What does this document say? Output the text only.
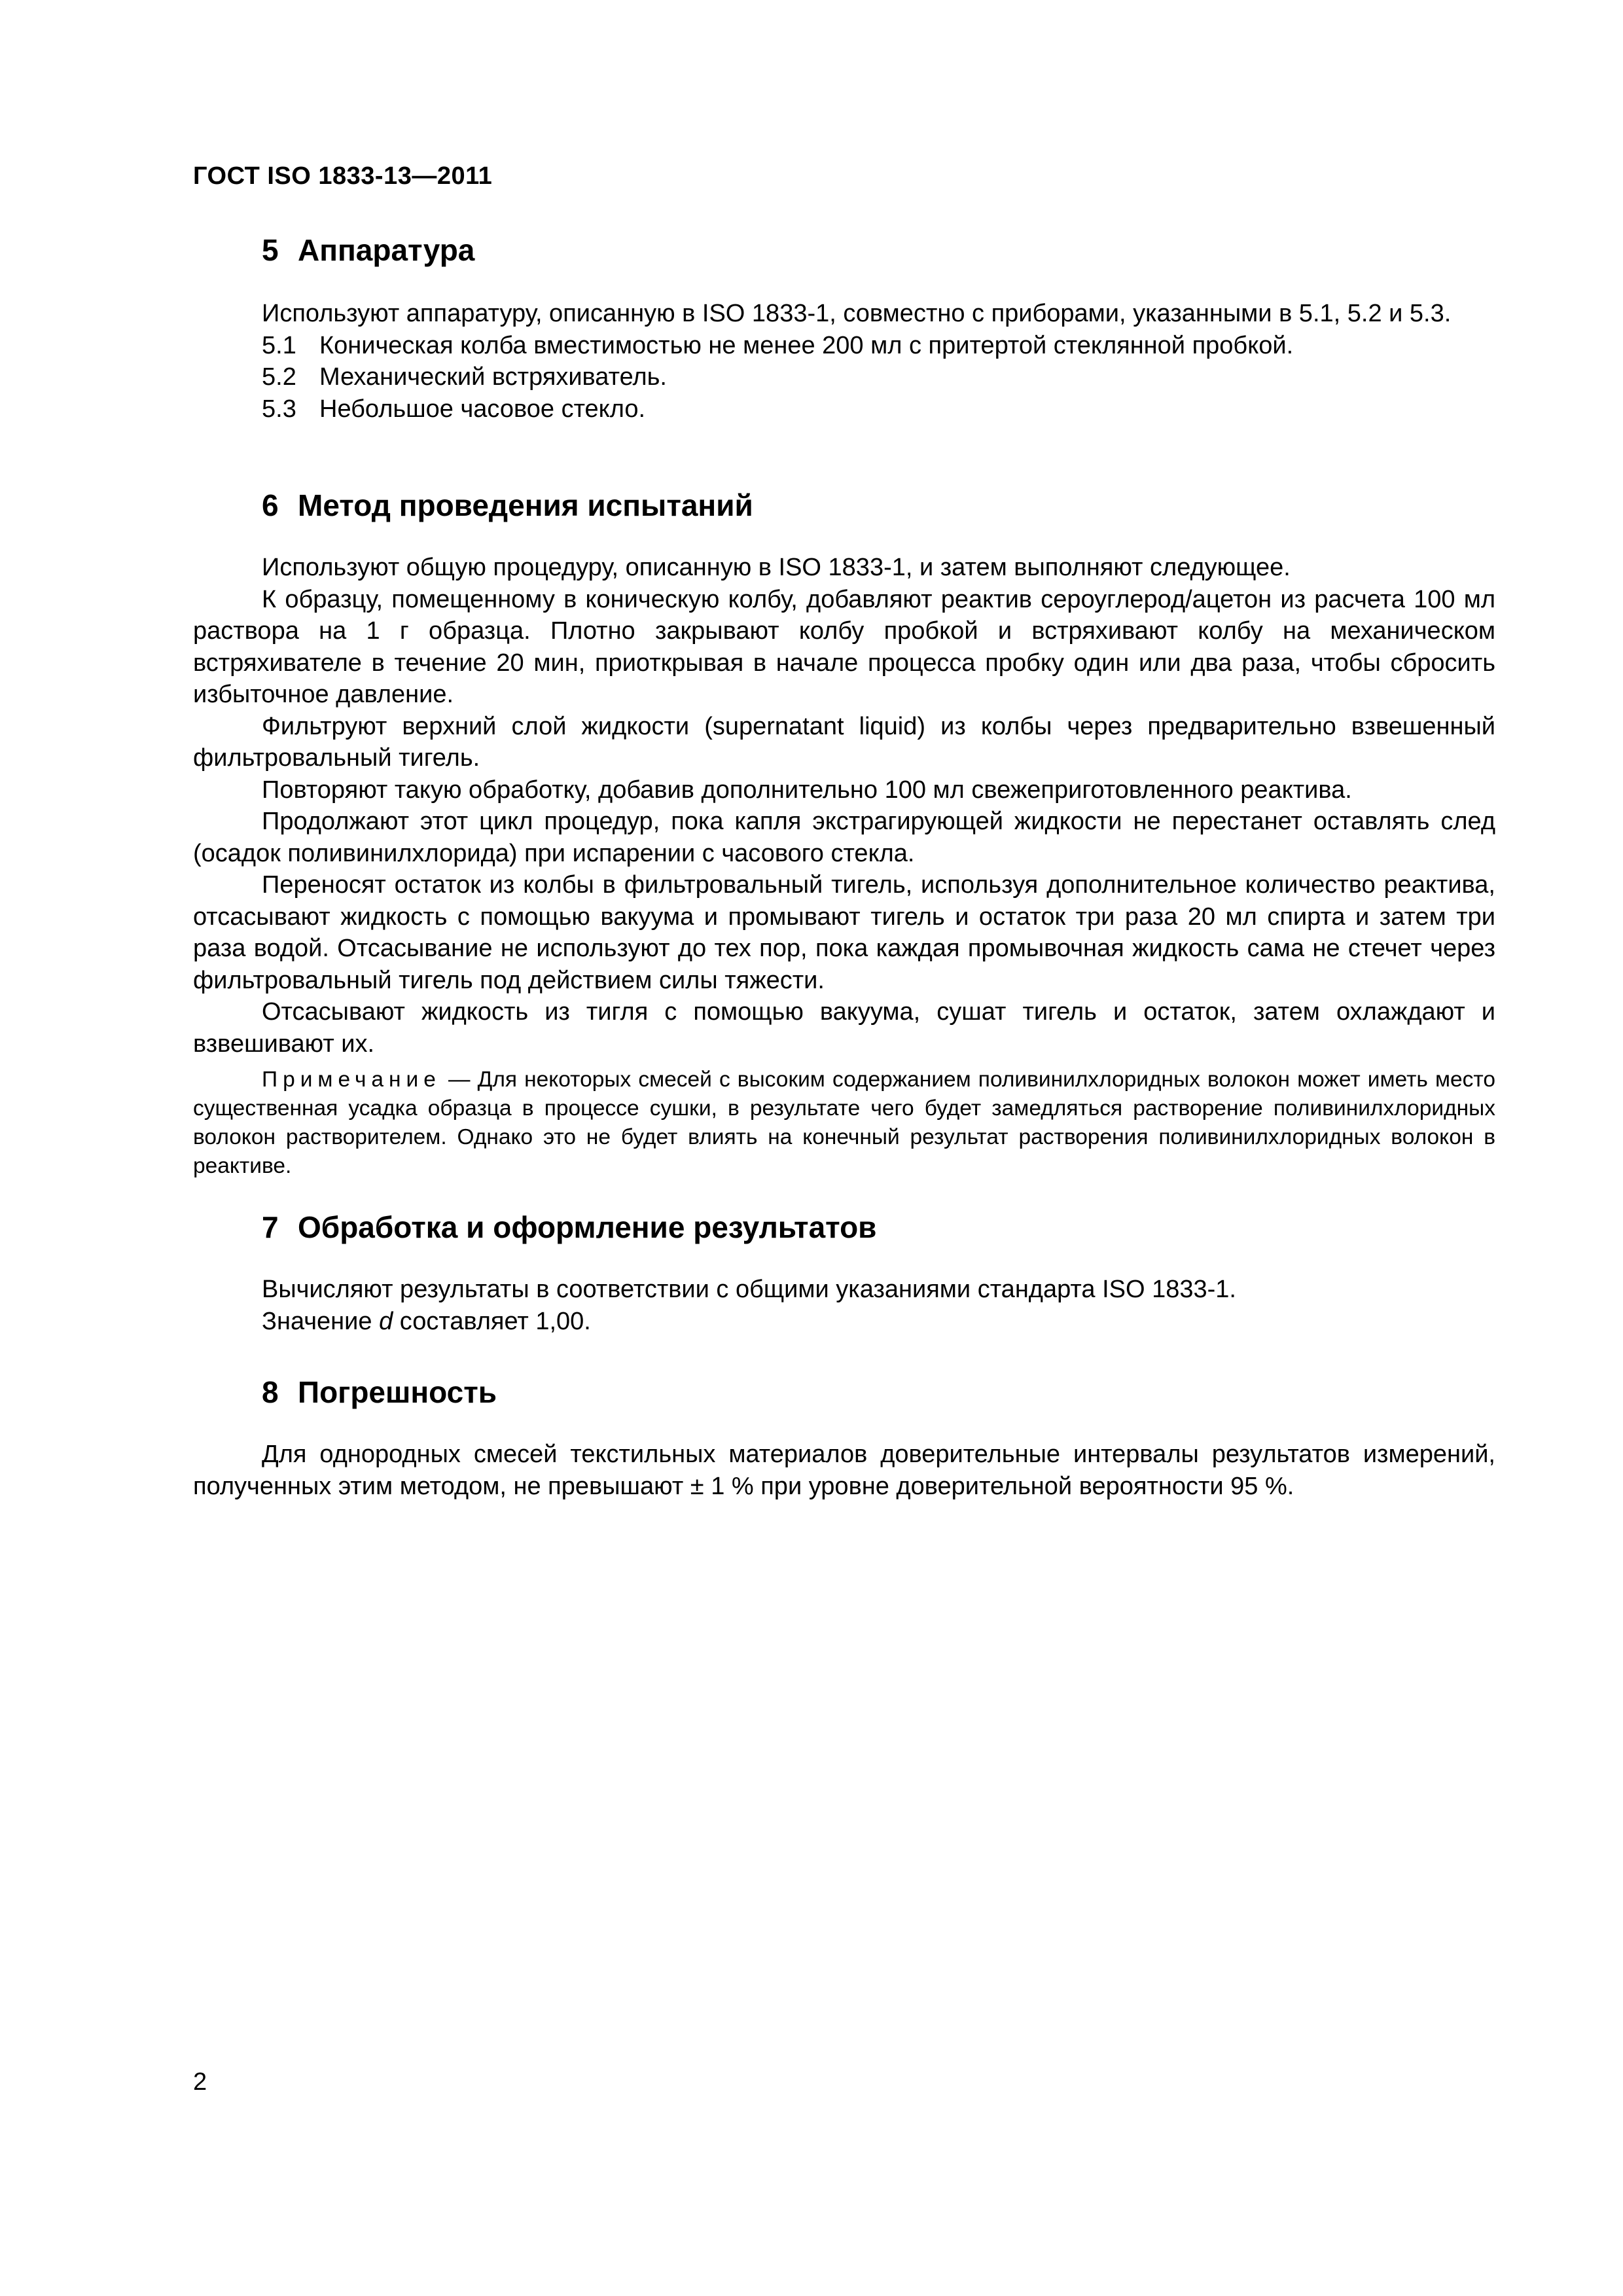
ГОСТ ISO 1833-13—2011
5 Аппаратура

Используют аппаратуру, описанную в ISO 1833-1, совместно с приборами, указанными в 5.1, 5.2 и 5.3.

5.1 Коническая колба вместимостью не менее 200 мл с притертой стеклянной пробкой.

5.2 Механический встряхиватель.

5.3 Небольшое часовое стекло.

6 Метод проведения испытаний

Используют общую процедуру, описанную в ISO 1833-1, и затем выполняют следующее.

К образцу, помещенному в коническую колбу, добавляют реактив сероуглерод/ацетон из расчета 100 мл раствора на 1 г образца. Плотно закрывают колбу пробкой и встряхивают колбу на механическом встряхивателе в течение 20 мин, приоткрывая в начале процесса пробку один или два раза, чтобы сбросить избыточное давление.

Фильтруют верхний слой жидкости (supernatant liquid) из колбы через предварительно взвешенный фильтровальный тигель.

Повторяют такую обработку, добавив дополнительно 100 мл свежеприготовленного реактива.

Продолжают этот цикл процедур, пока капля экстрагирующей жидкости не перестанет оставлять след (осадок поливинилхлорида) при испарении с часового стекла.

Переносят остаток из колбы в фильтровальный тигель, используя дополнительное количество реактива, отсасывают жидкость с помощью вакуума и промывают тигель и остаток три раза 20 мл спирта и затем три раза водой. Отсасывание не используют до тех пор, пока каждая промывочная жидкость сама не стечет через фильтровальный тигель под действием силы тяжести.

Отсасывают жидкость из тигля с помощью вакуума, сушат тигель и остаток, затем охлаждают и взвешивают их.

Примечание — Для некоторых смесей с высоким содержанием поливинилхлоридных волокон может иметь место существенная усадка образца в процессе сушки, в результате чего будет замедляться растворение поливинилхлоридных волокон растворителем. Однако это не будет влиять на конечный результат растворения поливинилхлоридных волокон в реактиве.

7 Обработка и оформление результатов

Вычисляют результаты в соответствии с общими указаниями стандарта ISO 1833-1.

Значение d составляет 1,00.

8 Погрешность

Для однородных смесей текстильных материалов доверительные интервалы результатов измерений, полученных этим методом, не превышают ± 1 % при уровне доверительной вероятности 95 %.

2
